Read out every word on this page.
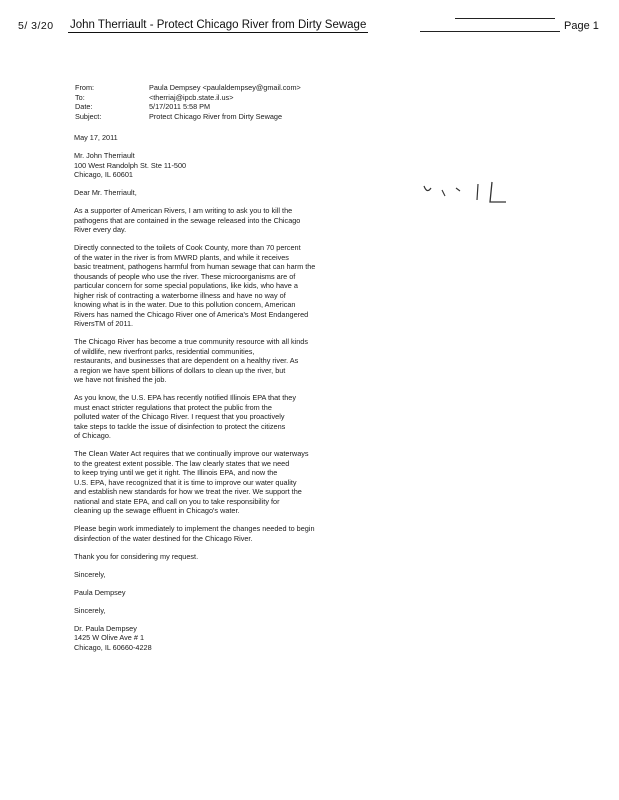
5/ 3/20 John Therriault - Protect Chicago River from Dirty Sewage	Page 1
From:	Paula Dempsey <paulaldempsey@gmail.com>
To:	<therriaj@ipcb.state.il.us>
Date:	5/17/2011 5:58 PM
Subject:	Protect Chicago River from Dirty Sewage

May 17, 2011

Mr. John Therriault
100 West Randolph St. Ste 11-500
Chicago, IL 60601

Dear Mr. Therriault,

As a supporter of American Rivers, I am writing to ask you to kill the
pathogens that are contained in the sewage released into the Chicago
River every day.

Directly connected to the toilets of Cook County, more than 70 percent
of the water in the river is from MWRD plants, and while it receives
basic treatment, pathogens harmful from human sewage that can harm the
thousands of people who use the river. These microorganisms are of
particular concern for some special populations, like kids, who have a
higher risk of contracting a waterborne illness and have no way of
knowing what is in the water. Due to this pollution concern, American
Rivers has named the Chicago River one of America's Most Endangered
RiversTM of 2011.

The Chicago River has become a true community resource with all kinds
of wildlife, new riverfront parks, residential communities,
restaurants, and businesses that are dependent on a healthy river. As
a region we have spent billions of dollars to clean up the river, but
we have not finished the job.

As you know, the U.S. EPA has recently notified Illinois EPA that they
must enact stricter regulations that protect the public from the
polluted water of the Chicago River. I request that you proactively
take steps to tackle the issue of disinfection to protect the citizens
of Chicago.

The Clean Water Act requires that we continually improve our waterways
to the greatest extent possible. The law clearly states that we need
to keep trying until we get it right. The Illinois EPA, and now the
U.S. EPA, have recognized that it is time to improve our water quality
and establish new standards for how we treat the river. We support the
national and state EPA, and call on you to take responsibility for
cleaning up the sewage effluent in Chicago's water.

Please begin work immediately to implement the changes needed to begin
disinfection of the water destined for the Chicago River.

Thank you for considering my request.

Sincerely,

Paula Dempsey

Sincerely,

Dr. Paula Dempsey
1425 W Olive Ave # 1
Chicago, IL 60660-4228
